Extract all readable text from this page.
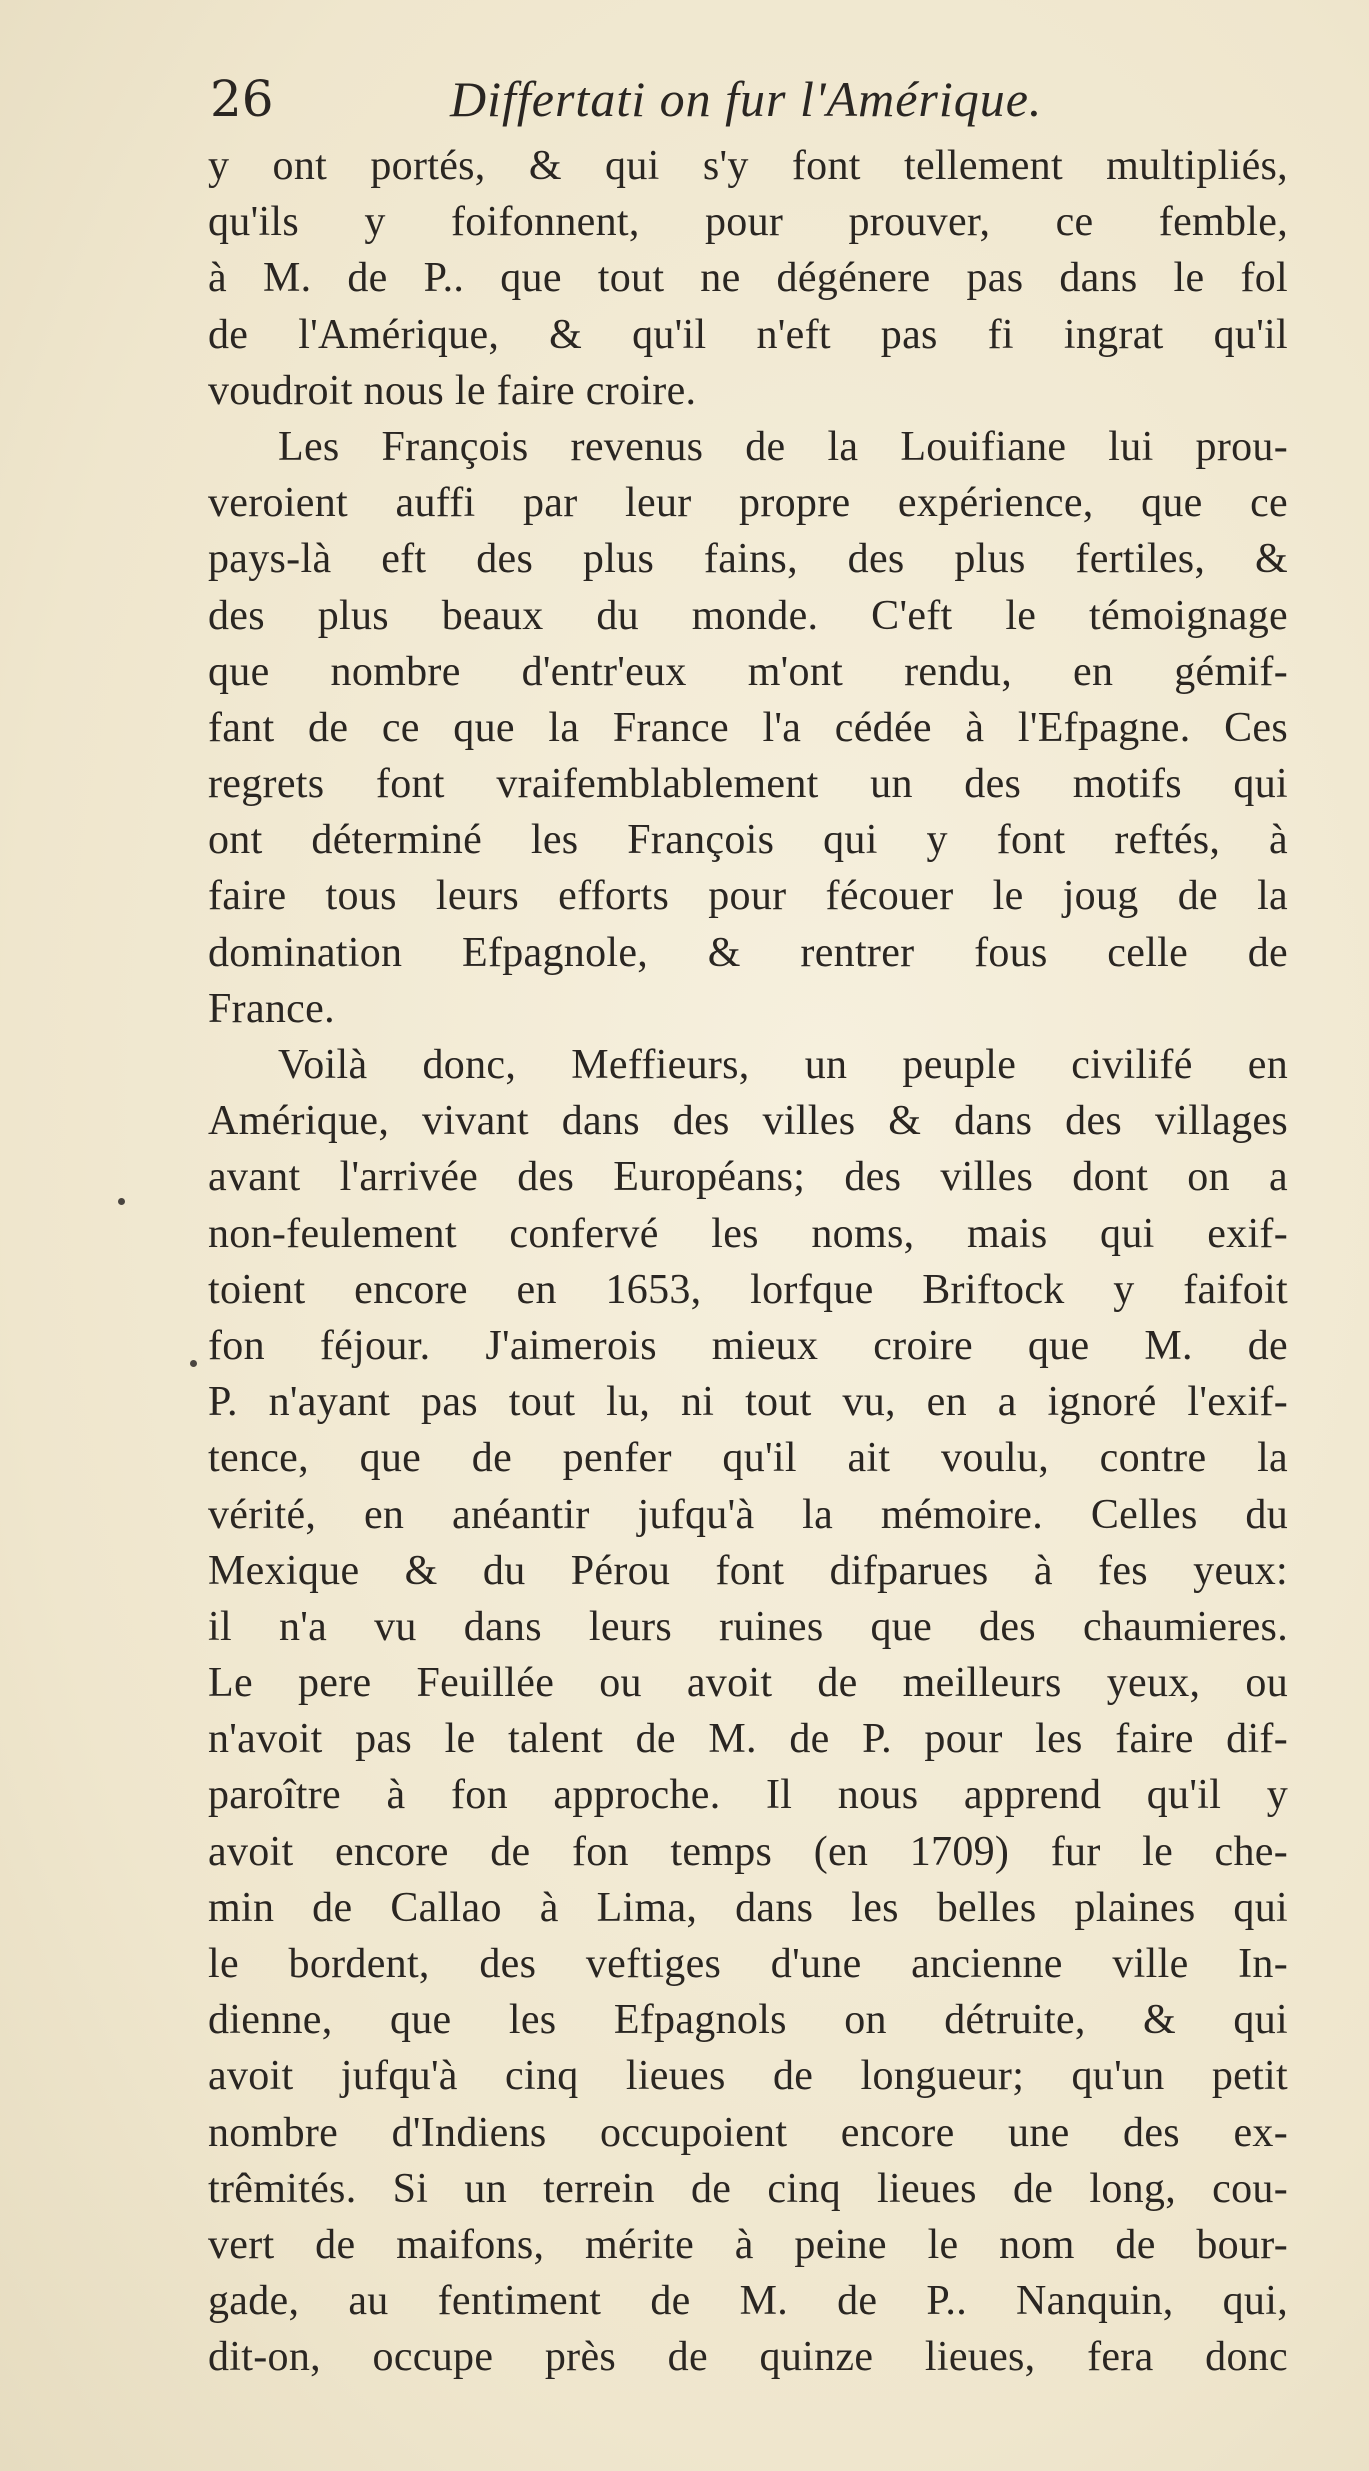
26	Differtati on fur l'Amérique.
y ont portés, & qui s'y font tellement multipliés,
qu'ils y foifonnent, pour prouver, ce femble,
à M. de P.. que tout ne dégénere pas dans le fol
de l'Amérique, & qu'il n'eft pas fi ingrat qu'il
voudroit nous le faire croire.
Les François revenus de la Louifiane lui prou-
veroient auffi par leur propre expérience, que ce
pays-là eft des plus fains, des plus fertiles, &
des plus beaux du monde. C'eft le témoignage
que nombre d'entr'eux m'ont rendu, en gémif-
fant de ce que la France l'a cédée à l'Efpagne. Ces
regrets font vraifemblablement un des motifs qui
ont déterminé les François qui y font reftés, à
faire tous leurs efforts pour fécouer le joug de la
domination Efpagnole, & rentrer fous celle de
France.
Voilà donc, Meffieurs, un peuple civilifé en
Amérique, vivant dans des villes & dans des villages
avant l'arrivée des Européans; des villes dont on a
non-feulement confervé les noms, mais qui exif-
toient encore en 1653, lorfque Briftock y faifoit
fon féjour. J'aimerois mieux croire que M. de
P. n'ayant pas tout lu, ni tout vu, en a ignoré l'exif-
tence, que de penfer qu'il ait voulu, contre la
vérité, en anéantir jufqu'à la mémoire. Celles du
Mexique & du Pérou font difparues à fes yeux:
il n'a vu dans leurs ruines que des chaumieres.
Le pere Feuillée ou avoit de meilleurs yeux, ou
n'avoit pas le talent de M. de P. pour les faire dif-
paroître à fon approche. Il nous apprend qu'il y
avoit encore de fon temps (en 1709) fur le che-
min de Callao à Lima, dans les belles plaines qui
le bordent, des veftiges d'une ancienne ville In-
dienne, que les Efpagnols on détruite, & qui
avoit jufqu'à cinq lieues de longueur; qu'un petit
nombre d'Indiens occupoient encore une des ex-
trêmités. Si un terrein de cinq lieues de long, cou-
vert de maifons, mérite à peine le nom de bour-
gade, au fentiment de M. de P.. Nanquin, qui,
dit-on, occupe près de quinze lieues, fera donc
